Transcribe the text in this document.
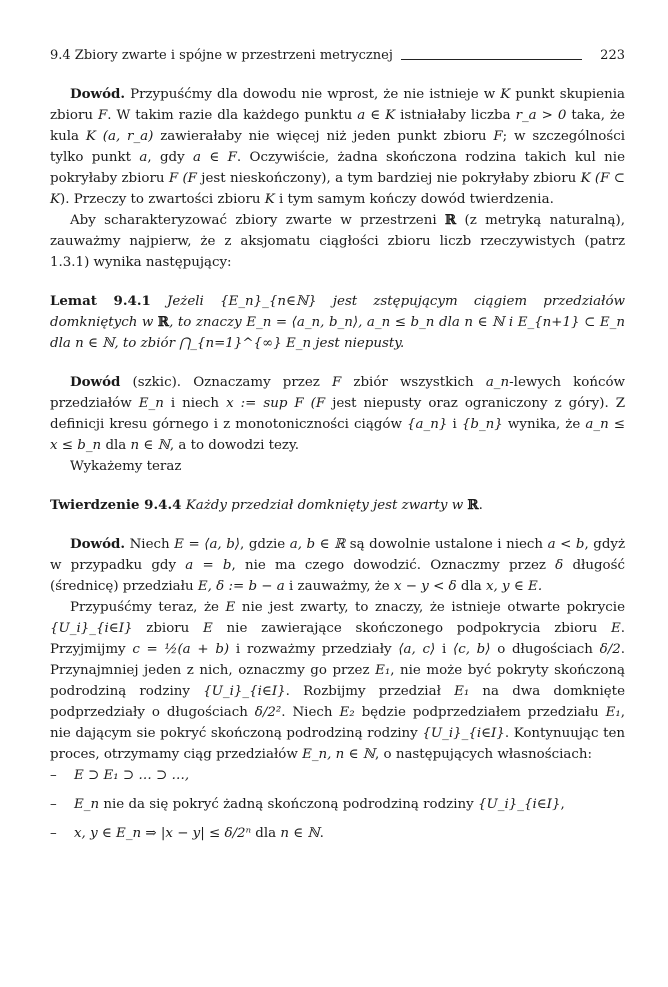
9.4 Zbiory zwarte i spójne w przestrzeni metrycznej	223

Dowód. Przypuśćmy dla dowodu nie wprost, że nie istnieje w K punkt skupienia zbioru F. W takim razie dla każdego punktu a ∈ K istniałaby liczba r_a > 0 taka, że kula K (a, r_a) zawierałaby nie więcej niż jeden punkt zbioru F; w szczególności tylko punkt a, gdy a ∈ F. Oczywiście, żadna skończona rodzina takich kul nie pokryłaby zbioru F (F jest nieskończony), a tym bardziej nie pokryłaby zbioru K (F ⊂ K). Przeczy to zwartości zbioru K i tym samym kończy dowód twierdzenia.

Aby scharakteryzować zbiory zwarte w przestrzeni ℝ (z metryką naturalną), zauważmy najpierw, że z aksjomatu ciągłości zbioru liczb rzeczywistych (patrz 1.3.1) wynika następujący:

Lemat 9.4.1 Jeżeli {E_n}_{n∈ℕ} jest zstępującym ciągiem przedziałów domkniętych w ℝ, to znaczy E_n = ⟨a_n, b_n⟩, a_n ≤ b_n dla n ∈ ℕ i E_{n+1} ⊂ E_n dla n ∈ ℕ, to zbiór ⋂_{n=1}^{∞} E_n jest niepusty.

Dowód (szkic). Oznaczamy przez F zbiór wszystkich a_n-lewych końców przedziałów E_n i niech x := sup F (F jest niepusty oraz ograniczony z góry). Z definicji kresu górnego i z monotoniczności ciągów {a_n} i {b_n} wynika, że a_n ≤ x ≤ b_n dla n ∈ ℕ, a to dowodzi tezy.

Wykażemy teraz

Twierdzenie 9.4.4 Każdy przedział domknięty jest zwarty w ℝ.

Dowód. Niech E = ⟨a, b⟩, gdzie a, b ∈ ℝ są dowolnie ustalone i niech a < b, gdyż w przypadku gdy a = b, nie ma czego dowodzić. Oznaczmy przez δ długość (średnicę) przedziału E, δ := b − a i zauważmy, że x − y < δ dla x, y ∈ E.

Przypuśćmy teraz, że E nie jest zwarty, to znaczy, że istnieje otwarte pokrycie {U_i}_{i∈I} zbioru E nie zawierające skończonego podpokrycia zbioru E. Przyjmijmy c = ½(a + b) i rozważmy przedziały ⟨a, c⟩ i ⟨c, b⟩ o długościach δ/2. Przynajmniej jeden z nich, oznaczmy go przez E₁, nie może być pokryty skończoną podrodziną rodziny {U_i}_{i∈I}. Rozbijmy przedział E₁ na dwa domknięte podprzedziały o długościach δ/2². Niech E₂ będzie podprzedziałem przedziału E₁, nie dającym sie pokryć skończoną podrodziną rodziny {U_i}_{i∈I}. Kontynuując ten proces, otrzymamy ciąg przedziałów E_n, n ∈ ℕ, o następujących własnościach:

–	E ⊃ E₁ ⊃ … ⊃ …,
–	E_n nie da się pokryć żadną skończoną podrodziną rodziny {U_i}_{i∈I},
–	x, y ∈ E_n ⇒ |x − y| ≤ δ/2ⁿ dla n ∈ ℕ.
